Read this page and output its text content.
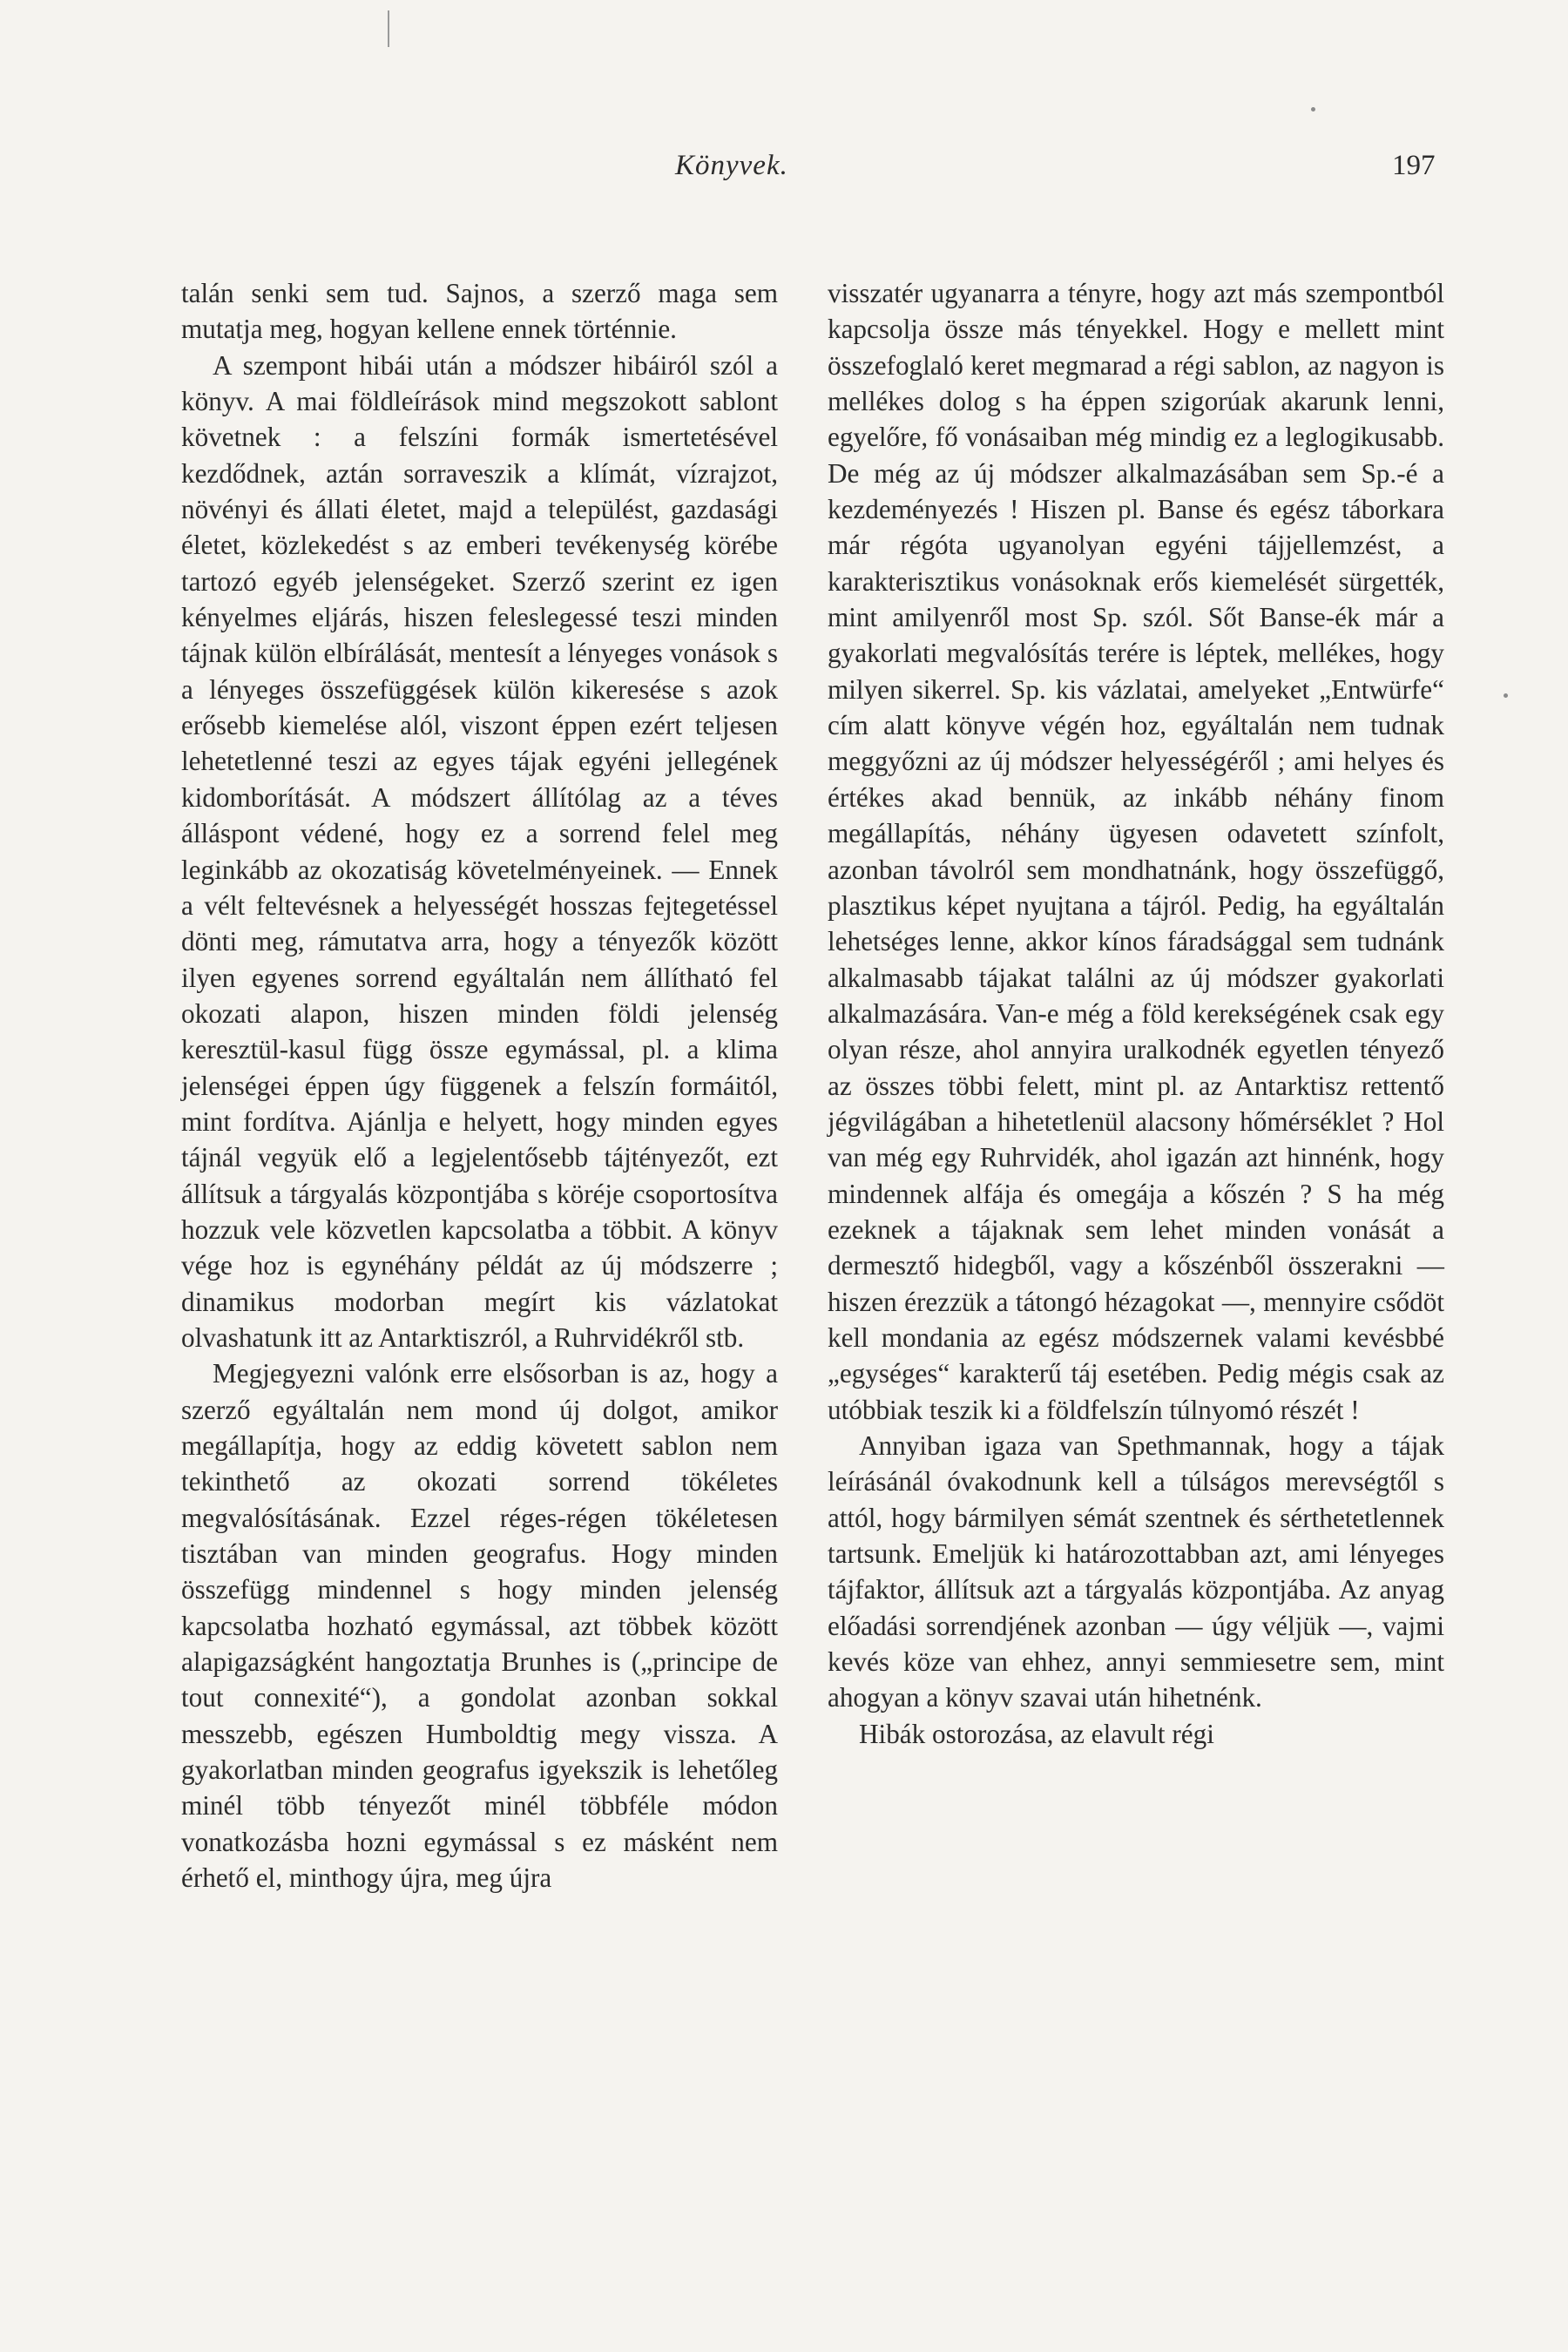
Könyvek.	197

talán senki sem tud. Sajnos, a szerző maga sem mutatja meg, hogyan kellene ennek történnie.

A szempont hibái után a módszer hibáiról szól a könyv. A mai földleírások mind megszokott sablont követnek : a felszíni formák ismertetésével kezdődnek, aztán sorraveszik a klímát, vízrajzot, növényi és állati életet, majd a települést, gazdasági életet, közlekedést s az emberi tevékenység körébe tartozó egyéb jelenségeket. Szerző szerint ez igen kényelmes eljárás, hiszen feleslegessé teszi minden tájnak külön elbírálását, mentesít a lényeges vonások s a lényeges összefüggések külön kikeresése s azok erősebb kiemelése alól, viszont éppen ezért teljesen lehetetlenné teszi az egyes tájak egyéni jellegének kidomborítását. A módszert állítólag az a téves álláspont védené, hogy ez a sorrend felel meg leginkább az okozatiság követelményeinek. — Ennek a vélt feltevésnek a helyességét hosszas fejtegetéssel dönti meg, rámutatva arra, hogy a tényezők között ilyen egyenes sorrend egyáltalán nem állítható fel okozati alapon, hiszen minden földi jelenség keresztül-kasul függ össze egymással, pl. a klima jelenségei éppen úgy függenek a felszín formáitól, mint fordítva. Ajánlja e helyett, hogy minden egyes tájnál vegyük elő a legjelentősebb tájtényezőt, ezt állítsuk a tárgyalás központjába s köréje csoportosítva hozzuk vele közvetlen kapcsolatba a többit. A könyv vége hoz is egynéhány példát az új módszerre ; dinamikus modorban megírt kis vázlatokat olvashatunk itt az Antarktiszról, a Ruhrvidékről stb.

Megjegyezni valónk erre elsősorban is az, hogy a szerző egyáltalán nem mond új dolgot, amikor megállapítja, hogy az eddig követett sablon nem tekinthető az okozati sorrend tökéletes megvalósításának. Ezzel réges-régen tökéletesen tisztában van minden geografus. Hogy minden összefügg mindennel s hogy minden jelenség kapcsolatba hozható egymással, azt többek között alapigazságként hangoztatja Brunhes is („principe de tout connexité“), a gondolat azonban sokkal messzebb, egészen Humboldtig megy vissza. A gyakorlatban minden geografus igyekszik is lehetőleg minél több tényezőt minél többféle módon vonatkozásba hozni egymással s ez másként nem érhető el, minthogy újra, meg újra

visszatér ugyanarra a tényre, hogy azt más szempontból kapcsolja össze más tényekkel. Hogy e mellett mint összefoglaló keret megmarad a régi sablon, az nagyon is mellékes dolog s ha éppen szigorúak akarunk lenni, egyelőre, fő vonásaiban még mindig ez a leglogikusabb. De még az új módszer alkalmazásában sem Sp.-é a kezdeményezés ! Hiszen pl. Banse és egész táborkara már régóta ugyanolyan egyéni tájjellemzést, a karakterisztikus vonásoknak erős kiemelését sürgették, mint amilyenről most Sp. szól. Sőt Banse-ék már a gyakorlati megvalósítás terére is léptek, mellékes, hogy milyen sikerrel. Sp. kis vázlatai, amelyeket „Entwürfe“ cím alatt könyve végén hoz, egyáltalán nem tudnak meggyőzni az új módszer helyességéről ; ami helyes és értékes akad bennük, az inkább néhány finom megállapítás, néhány ügyesen odavetett színfolt, azonban távolról sem mondhatnánk, hogy összefüggő, plasztikus képet nyujtana a tájról. Pedig, ha egyáltalán lehetséges lenne, akkor kínos fáradsággal sem tudnánk alkalmasabb tájakat találni az új módszer gyakorlati alkalmazására. Van-e még a föld kerekségének csak egy olyan része, ahol annyira uralkodnék egyetlen tényező az összes többi felett, mint pl. az Antarktisz rettentő jégvilágában a hihetetlenül alacsony hőmérséklet ? Hol van még egy Ruhrvidék, ahol igazán azt hinnénk, hogy mindennek alfája és omegája a kőszén ? S ha még ezeknek a tájaknak sem lehet minden vonását a dermesztő hidegből, vagy a kőszénből összerakni — hiszen érezzük a tátongó hézagokat —, mennyire csődöt kell mondania az egész módszernek valami kevésbbé „egységes“ karakterű táj esetében. Pedig mégis csak az utóbbiak teszik ki a földfelszín túlnyomó részét !

Annyiban igaza van Spethmannak, hogy a tájak leírásánál óvakodnunk kell a túlságos merevségtől s attól, hogy bármilyen sémát szentnek és sérthetetlennek tartsunk. Emeljük ki határozottabban azt, ami lényeges tájfaktor, állítsuk azt a tárgyalás központjába. Az anyag előadási sorrendjének azonban — úgy véljük —, vajmi kevés köze van ehhez, annyi semmiesetre sem, mint ahogyan a könyv szavai után hihetnénk.

Hibák ostorozása, az elavult régi
